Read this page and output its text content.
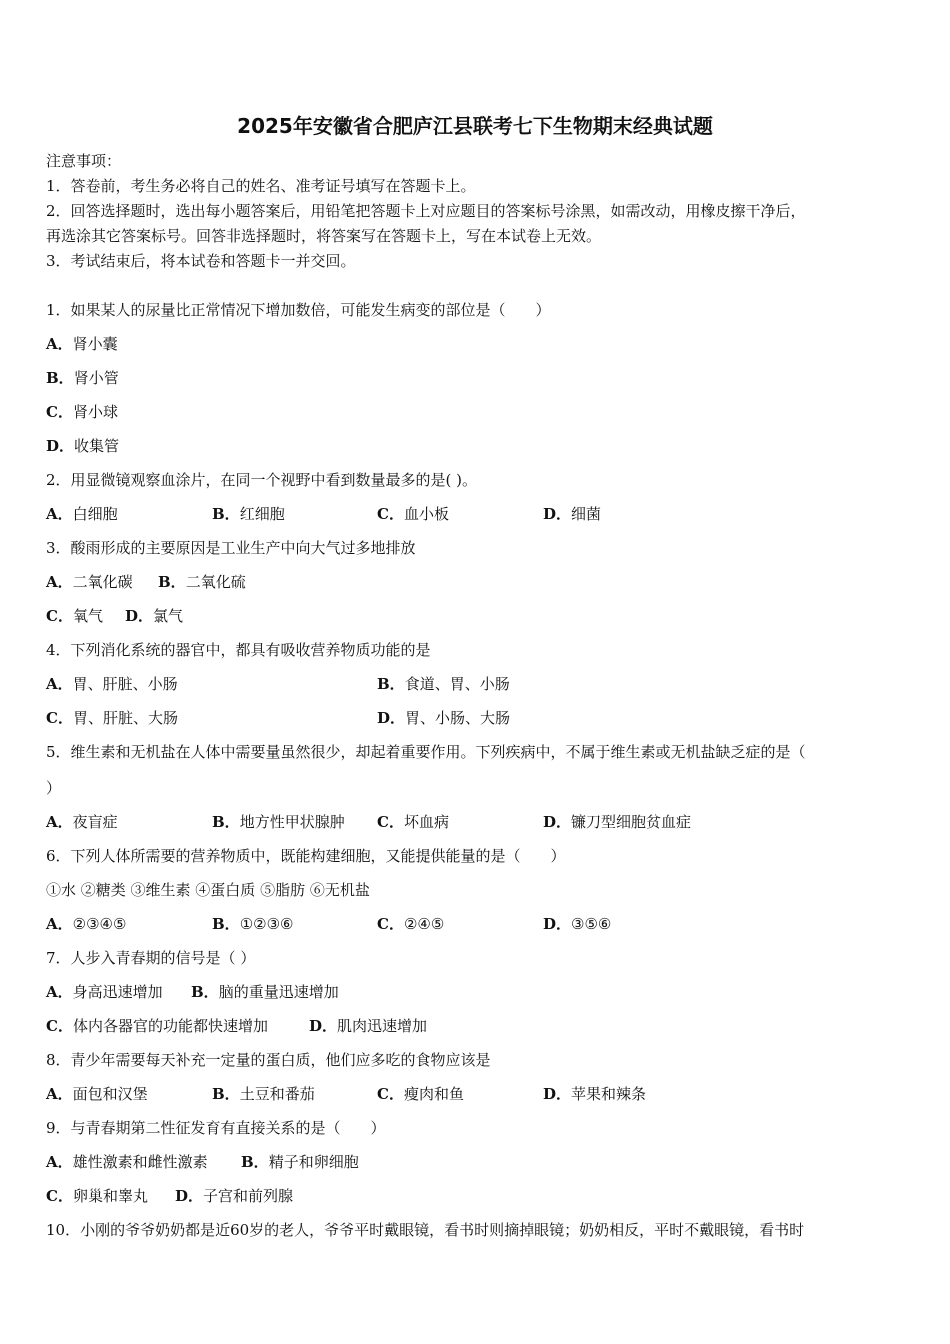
2025年安徽省合肥庐江县联考七下生物期末经典试题
注意事项：
1．答卷前，考生务必将自己的姓名、准考证号填写在答题卡上。
2．回答选择题时，选出每小题答案后，用铅笔把答题卡上对应题目的答案标号涂黑，如需改动，用橡皮擦干净后，
再选涂其它答案标号。回答非选择题时，将答案写在答题卡上，写在本试卷上无效。
3．考试结束后，将本试卷和答题卡一并交回。
1．如果某人的尿量比正常情况下增加数倍，可能发生病变的部位是（　　）
A．肾小囊
B．肾小管
C．肾小球
D．收集管
2．用显微镜观察血涂片，在同一个视野中看到数量最多的是( )。
A．白细胞	B．红细胞	C．血小板	D．细菌
3．酸雨形成的主要原因是工业生产中向大气过多地排放
A．二氧化碳 B．二氧化硫
C．氧气 D．氯气
4．下列消化系统的器官中，都具有吸收营养物质功能的是
A．胃、肝脏、小肠	B．食道、胃、小肠
C．胃、肝脏、大肠	D．胃、小肠、大肠
5．维生素和无机盐在人体中需要量虽然很少，却起着重要作用。下列疾病中，不属于维生素或无机盐缺乏症的是（
）
A．夜盲症	B．地方性甲状腺肿 C．坏血病	D．镰刀型细胞贫血症
6．下列人体所需要的营养物质中，既能构建细胞，又能提供能量的是（　　）
①水 ②糖类 ③维生素 ④蛋白质 ⑤脂肪 ⑥无机盐
A．②③④⑤	B．①②③⑥	C．②④⑤	D．③⑤⑥
7．人步入青春期的信号是（ ）
A．身高迅速增加 B．脑的重量迅速增加
C．体内各器官的功能都快速增加	D．肌肉迅速增加
8．青少年需要每天补充一定量的蛋白质，他们应多吃的食物应该是
A．面包和汉堡	B．土豆和番茄	C．瘦肉和鱼	D．苹果和辣条
9．与青春期第二性征发育有直接关系的是（　　）
A．雄性激素和雌性激素 B．精子和卵细胞
C．卵巢和睾丸 D．子宫和前列腺
10．小刚的爷爷奶奶都是近60岁的老人，爷爷平时戴眼镜，看书时则摘掉眼镜；奶奶相反，平时不戴眼镜，看书时
